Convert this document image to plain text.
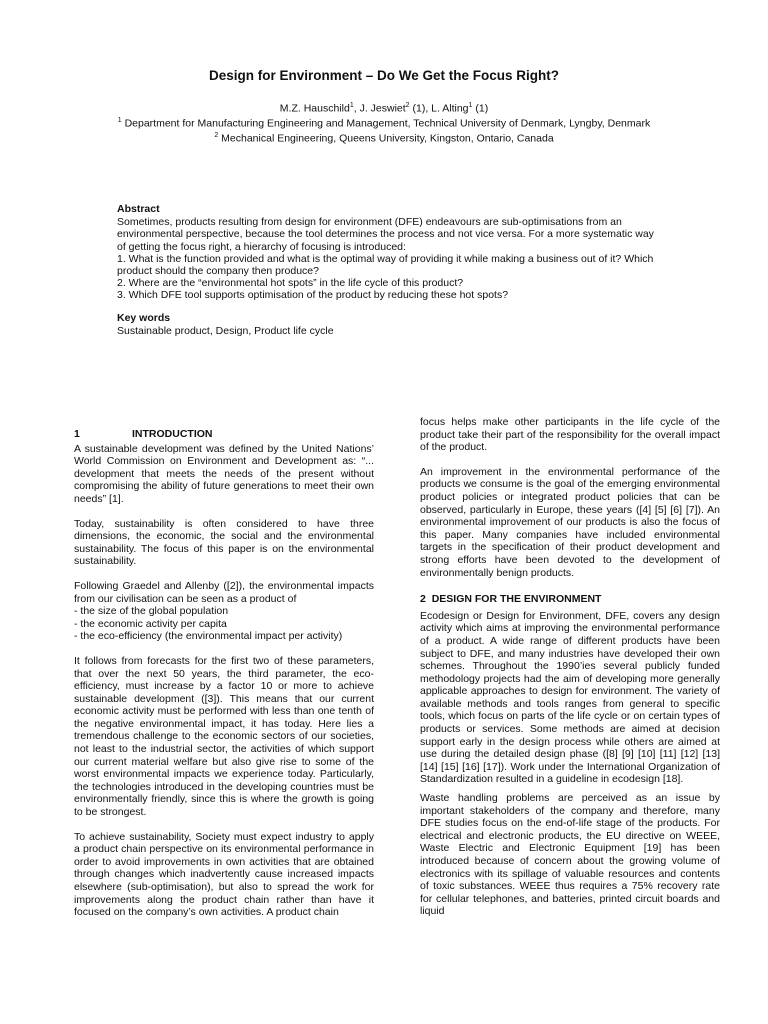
Design for Environment – Do We Get the Focus Right?
M.Z. Hauschild$^1$, J. Jeswiet$^2$ (1), L. Alting$^1$ (1)
$^1$ Department for Manufacturing Engineering and Management, Technical University of Denmark, Lyngby, Denmark
$^2$ Mechanical Engineering, Queens University, Kingston, Ontario, Canada
Abstract
Sometimes, products resulting from design for environment (DFE) endeavours are sub-optimisations from an
environmental perspective, because the tool determines the process and not vice versa. For a more systematic way
of getting the focus right, a hierarchy of focusing is introduced:
1. What is the function provided and what is the optimal way of providing it while making a business out of it? Which
product should the company then produce?
2. Where are the “environmental hot spots” in the life cycle of this product?
3. Which DFE tool supports optimisation of the product by reducing these hot spots?
Key words
Sustainable product, Design, Product life cycle
1	INTRODUCTION

A sustainable development was defined by the United Nations’ World Commission on Environment and Development as: “... development that meets the needs of the present without compromising the ability of future generations to meet their own needs” [1].

Today, sustainability is often considered to have three dimensions, the economic, the social and the environmental sustainability. The focus of this paper is on the environmental sustainability.

Following Graedel and Allenby ([2]), the environmental impacts from our civilisation can be seen as a product of

- the size of the global population
- the economic activity per capita
- the eco-efficiency (the environmental impact per activity)

It follows from forecasts for the first two of these parameters, that over the next 50 years, the third parameter, the eco-efficiency, must increase by a factor 10 or more to achieve sustainable development ([3]). This means that our current economic activity must be performed with less than one tenth of the negative environmental impact, it has today. Here lies a tremendous challenge to the economic sectors of our societies, not least to the industrial sector, the activities of which support our current material welfare but also give rise to some of the worst environmental impacts we experience today. Particularly, the technologies introduced in the developing countries must be environmentally friendly, since this is where the growth is going to be strongest.

To achieve sustainability, Society must expect industry to apply a product chain perspective on its environmental performance in order to avoid improvements in own activities that are obtained through changes which inadvertently cause increased impacts elsewhere (sub-optimisation), but also to spread the work for improvements along the product chain rather than have it focused on the company’s own activities. A product chain

focus helps make other participants in the life cycle of the product take their part of the responsibility for the overall impact of the product.

An improvement in the environmental performance of the products we consume is the goal of the emerging environmental product policies or integrated product policies that can be observed, particularly in Europe, these years ([4] [5] [6] [7]). An environmental improvement of our products is also the focus of this paper. Many companies have included environmental targets in the specification of their product development and strong efforts have been devoted to the development of environmentally benign products.

2 DESIGN FOR THE ENVIRONMENT

Ecodesign or Design for Environment, DFE, covers any design activity which aims at improving the environmental performance of a product. A wide range of different products have been subject to DFE, and many industries have developed their own schemes. Throughout the 1990’ies several publicly funded methodology projects had the aim of developing more generally applicable approaches to design for environment. The variety of available methods and tools ranges from general to specific tools, which focus on parts of the life cycle or on certain types of products or services. Some methods are aimed at decision support early in the design process while others are aimed at use during the detailed design phase ([8] [9] [10] [11] [12] [13] [14] [15] [16] [17]). Work under the International Organization of Standardization resulted in a guideline in ecodesign [18].

Waste handling problems are perceived as an issue by important stakeholders of the company and therefore, many DFE studies focus on the end-of-life stage of the products. For electrical and electronic products, the EU directive on WEEE, Waste Electric and Electronic Equipment [19] has been introduced because of concern about the growing volume of electronics with its spillage of valuable resources and contents of toxic substances. WEEE thus requires a 75% recovery rate for cellular telephones, and batteries, printed circuit boards and liquid
